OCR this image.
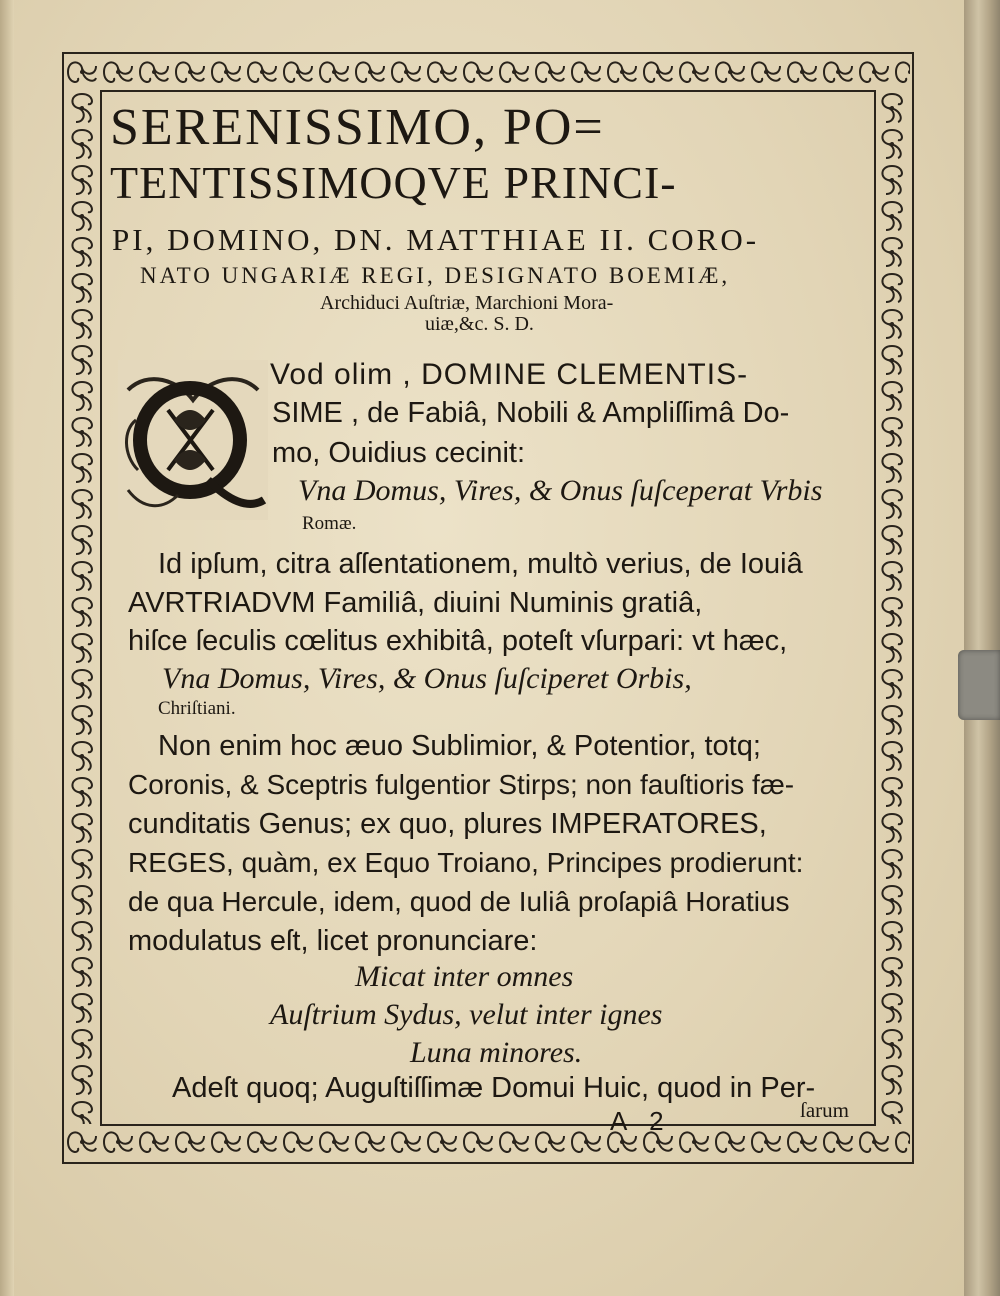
SERENISSIMO, PO=
TENTISSIMOQVE PRINCI-
PI, DOMINO, DN. MATTHIAE II. CORO-
NATO UNGARIÆ REGI, DESIGNATO BOEMIÆ,
Archiduci Auſtriæ, Marchioni Mora-
uiæ,&c. S. D.
Vod olim , DOMINE CLEMENTIS-
SIME , de Fabiâ, Nobili & Ampliſſimâ Do-
mo, Ouidius cecinit:
Vna Domus, Vires, & Onus ſuſceperat Vrbis
Romæ.
Id ipſum, citra aſſentationem, multò verius, de Iouiâ
AVRTRIADVM Familiâ, diuini Numinis gratiâ,
hiſce ſeculis cœlitus exhibitâ, poteſt vſurpari: vt hæc,
Vna Domus, Vires, & Onus ſuſciperet Orbis,
Chriſtiani.
Non enim hoc æuo Sublimior, & Potentior, totq;
Coronis, & Sceptris fulgentior Stirps; non fauſtioris fæ-
cunditatis Genus; ex quo, plures IMPERATORES,
REGES, quàm, ex Equo Troiano, Principes prodierunt:
de qua Hercule, idem, quod de Iuliâ proſapiâ Horatius
modulatus eſt, licet pronunciare:
Micat inter omnes
Auſtrium Sydus, velut inter ignes
Luna minores.
Adeſt quoq; Auguſtiſſimæ Domui Huic, quod in Per-
A 2	ſarum
